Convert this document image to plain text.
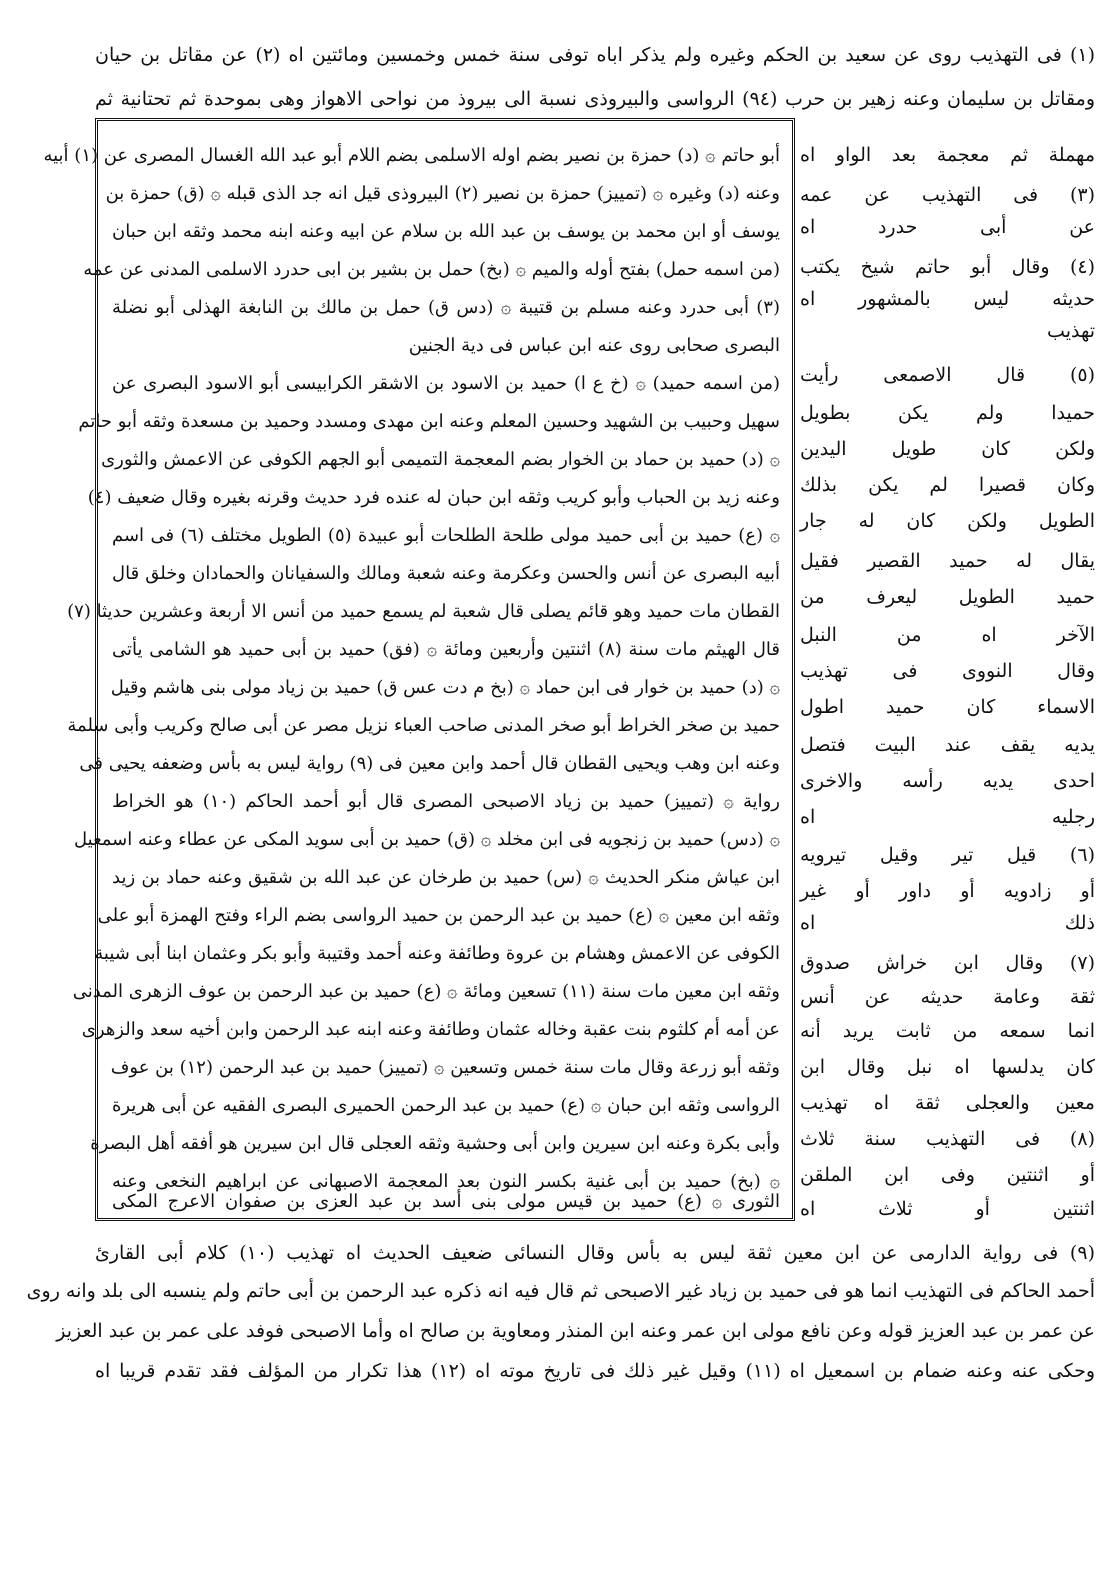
(١) فى التهذيب روى عن سعيد بن الحكم وغيره ولم يذكر اباه توفى سنة خمس وخمسين ومائتين اه (٢) عن مقاتل بن حيان
ومقاتل بن سليمان وعنه زهير بن حرب (٩٤) الرواسى والبيروذى نسبة الى بيروذ من نواحى الاهواز وهى بموحدة ثم تحتانية ثم
مهملة ثم معجمة بعد الواو اه
(٣) فى التهذيب عن عمه
عن أبى حدرد اه
(٤) وقال أبو حاتم شيخ يكتب
حديثه ليس بالمشهور اه
تهذيب
(٥) قال الاصمعى رأيت
حميدا ولم يكن بطويل
ولكن كان طويل اليدين
وكان قصيرا لم يكن بذلك
الطويل ولكن كان له جار
يقال له حميد القصير فقيل
حميد الطويل ليعرف من
الآخر اه من النبل
وقال النووى فى تهذيب
الاسماء كان حميد اطول
يديه يقف عند البيت فتصل
احدى يديه رأسه والاخرى
رجليه اه
(٦) قيل تير وقيل تيرويه
أو زادويه أو داور أو غير
ذلك اه
(٧) وقال ابن خراش صدوق
ثقة وعامة حديثه عن أنس
انما سمعه من ثابت يريد أنه
كان يدلسها اه نبل وقال ابن
معين والعجلى ثقة اه تهذيب
(٨) فى التهذيب سنة ثلاث
أو اثنتين وفى ابن الملقن
اثنتين أو ثلاث اه
أبو حاتم ۞ (د) حمزة بن نصير بضم اوله الاسلمى بضم اللام أبو عبد الله الغسال المصرى عن (١) أبيه
وعنه (د) وغيره ۞ (تمييز) حمزة بن نصير (٢) البيروذى قيل انه جد الذى قبله ۞ (ق) حمزة بن
يوسف أو ابن محمد بن يوسف بن عبد الله بن سلام عن ابيه وعنه ابنه محمد وثقه ابن حبان
(من اسمه حمل) بفتح أوله والميم ۞ (بخ) حمل بن بشير بن ابى حدرد الاسلمى المدنى عن عمه
(٣) أبى حدرد وعنه مسلم بن قتيبة ۞ (دس ق) حمل بن مالك بن النابغة الهذلى أبو نضلة
البصرى صحابى روى عنه ابن عباس فى دية الجنين
(من اسمه حميد) ۞ (خ ع ا) حميد بن الاسود بن الاشقر الكرابيسى أبو الاسود البصرى عن
سهيل وحبيب بن الشهيد وحسين المعلم وعنه ابن مهدى ومسدد وحميد بن مسعدة وثقه أبو حاتم
۞ (د) حميد بن حماد بن الخوار بضم المعجمة التميمى أبو الجهم الكوفى عن الاعمش والثورى
وعنه زيد بن الحباب وأبو كريب وثقه ابن حبان له عنده فرد حديث وقرنه بغيره وقال ضعيف (٤)
۞ (ع) حميد بن أبى حميد مولى طلحة الطلحات أبو عبيدة (٥) الطويل مختلف (٦) فى اسم
أبيه البصرى عن أنس والحسن وعكرمة وعنه شعبة ومالك والسفيانان والحمادان وخلق قال
القطان مات حميد وهو قائم يصلى قال شعبة لم يسمع حميد من أنس الا أربعة وعشرين حديثا (٧)
قال الهيثم مات سنة (٨) اثنتين وأربعين ومائة ۞ (فق) حميد بن أبى حميد هو الشامى يأتى
۞ (د) حميد بن خوار فى ابن حماد ۞ (بخ م دت عس ق) حميد بن زياد مولى بنى هاشم وقيل
حميد بن صخر الخراط أبو صخر المدنى صاحب العباء نزيل مصر عن أبى صالح وكريب وأبى سلمة
وعنه ابن وهب ويحيى القطان قال أحمد وابن معين فى (٩) رواية ليس به بأس وضعفه يحيى فى
رواية ۞ (تمييز) حميد بن زياد الاصبحى المصرى قال أبو أحمد الحاكم (١٠) هو الخراط
۞ (دس) حميد بن زنجويه فى ابن مخلد ۞ (ق) حميد بن أبى سويد المكى عن عطاء وعنه اسمعيل
ابن عياش منكر الحديث ۞ (س) حميد بن طرخان عن عبد الله بن شقيق وعنه حماد بن زيد
وثقه ابن معين ۞ (ع) حميد بن عبد الرحمن بن حميد الرواسى بضم الراء وفتح الهمزة أبو على
الكوفى عن الاعمش وهشام بن عروة وطائفة وعنه أحمد وقتيبة وأبو بكر وعثمان ابنا أبى شيبة
وثقه ابن معين مات سنة (١١) تسعين ومائة ۞ (ع) حميد بن عبد الرحمن بن عوف الزهرى المدنى
عن أمه أم كلثوم بنت عقبة وخاله عثمان وطائفة وعنه ابنه عبد الرحمن وابن أخيه سعد والزهرى
وثقه أبو زرعة وقال مات سنة خمس وتسعين ۞ (تمييز) حميد بن عبد الرحمن (١٢) بن عوف
الرواسى وثقه ابن حبان ۞ (ع) حميد بن عبد الرحمن الحميرى البصرى الفقيه عن أبى هريرة
وأبى بكرة وعنه ابن سيرين وابن أبى وحشية وثقه العجلى قال ابن سيرين هو أفقه أهل البصرة
۞ (بخ) حميد بن أبى غنية بكسر النون بعد المعجمة الاصبهانى عن ابراهيم النخعى وعنه
الثورى ۞ (ع) حميد بن قيس مولى بنى أسد بن عبد العزى بن صفوان الاعرج المكى
(٩) فى رواية الدارمى عن ابن معين ثقة ليس به بأس وقال النسائى ضعيف الحديث اه تهذيب (١٠) كلام أبى القارئ
أحمد الحاكم فى التهذيب انما هو فى حميد بن زياد غير الاصبحى ثم قال فيه انه ذكره عبد الرحمن بن أبى حاتم ولم ينسبه الى بلد وانه روى
عن عمر بن عبد العزيز قوله وعن نافع مولى ابن عمر وعنه ابن المنذر ومعاوية بن صالح اه وأما الاصبحى فوفد على عمر بن عبد العزيز
وحكى عنه وعنه ضمام بن اسمعيل اه (١١) وقيل غير ذلك فى تاريخ موته اه (١٢) هذا تكرار من المؤلف فقد تقدم قريبا اه
